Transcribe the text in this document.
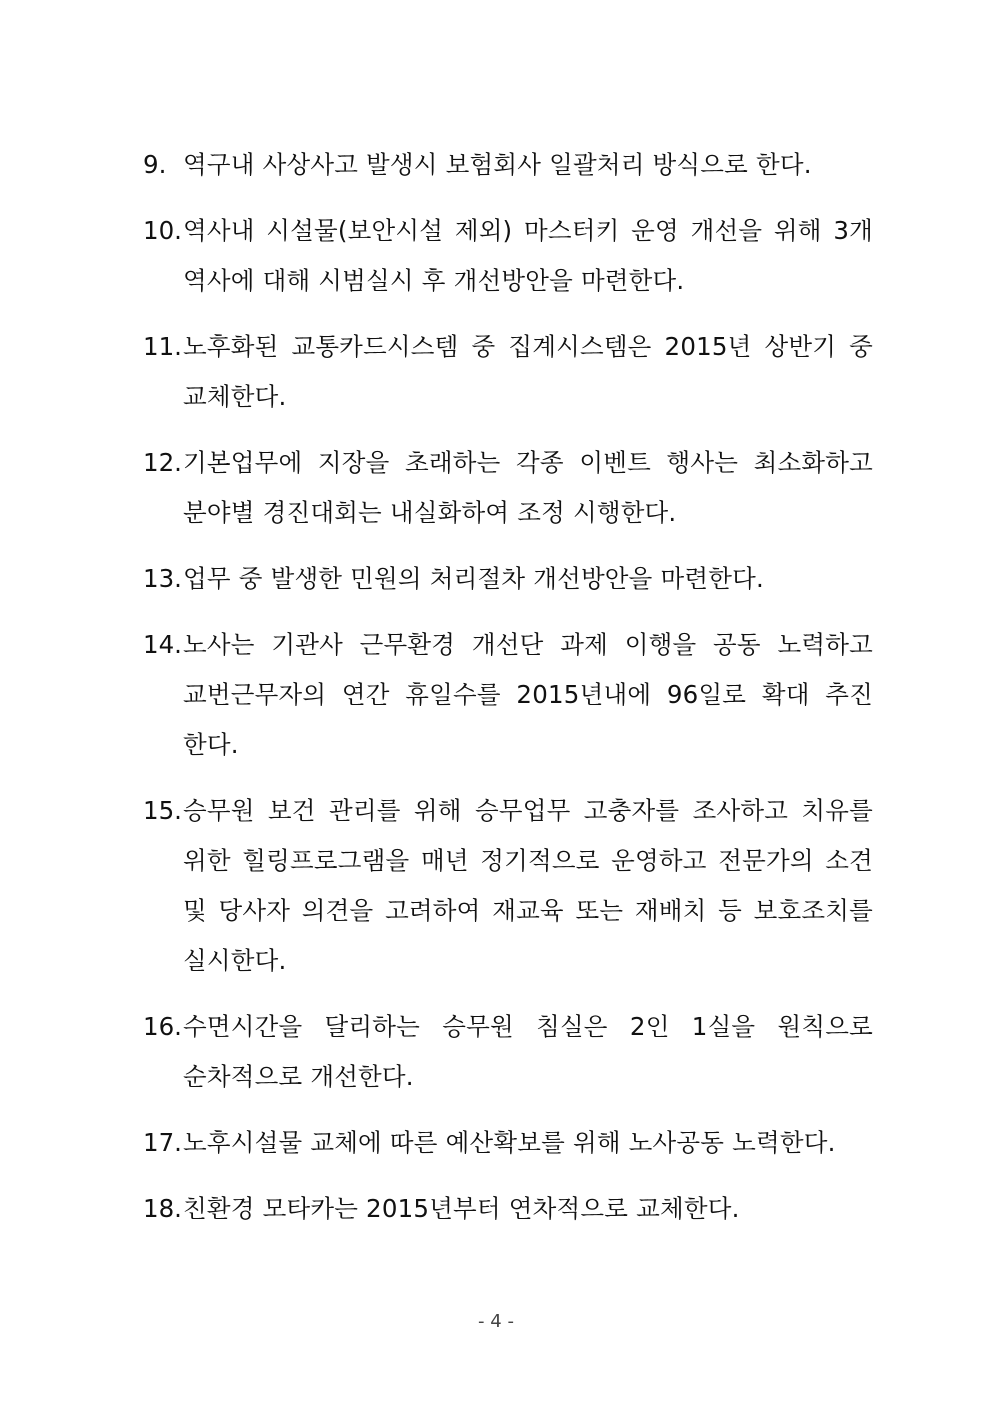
9. 역구내 사상사고 발생시 보험회사 일괄처리 방식으로 한다.
10. 역사내 시설물(보안시설 제외) 마스터키 운영 개선을 위해 3개 역사에 대해 시범실시 후 개선방안을 마련한다.
11. 노후화된 교통카드시스템 중 집계시스템은 2015년 상반기 중 교체한다.
12. 기본업무에 지장을 초래하는 각종 이벤트 행사는 최소화하고 분야별 경진대회는 내실화하여 조정 시행한다.
13. 업무 중 발생한 민원의 처리절차 개선방안을 마련한다.
14. 노사는 기관사 근무환경 개선단 과제 이행을 공동 노력하고 교번근무자의 연간 휴일수를 2015년내에 96일로 확대 추진 한다.
15. 승무원 보건 관리를 위해 승무업무 고충자를 조사하고 치유를 위한 힐링프로그램을 매년 정기적으로 운영하고 전문가의 소견 및 당사자 의견을 고려하여 재교육 또는 재배치 등 보호조치를 실시한다.
16. 수면시간을 달리하는 승무원 침실은 2인 1실을 원칙으로 순차적으로 개선한다.
17. 노후시설물 교체에 따른 예산확보를 위해 노사공동 노력한다.
18. 친환경 모타카는 2015년부터 연차적으로 교체한다.
- 4 -
